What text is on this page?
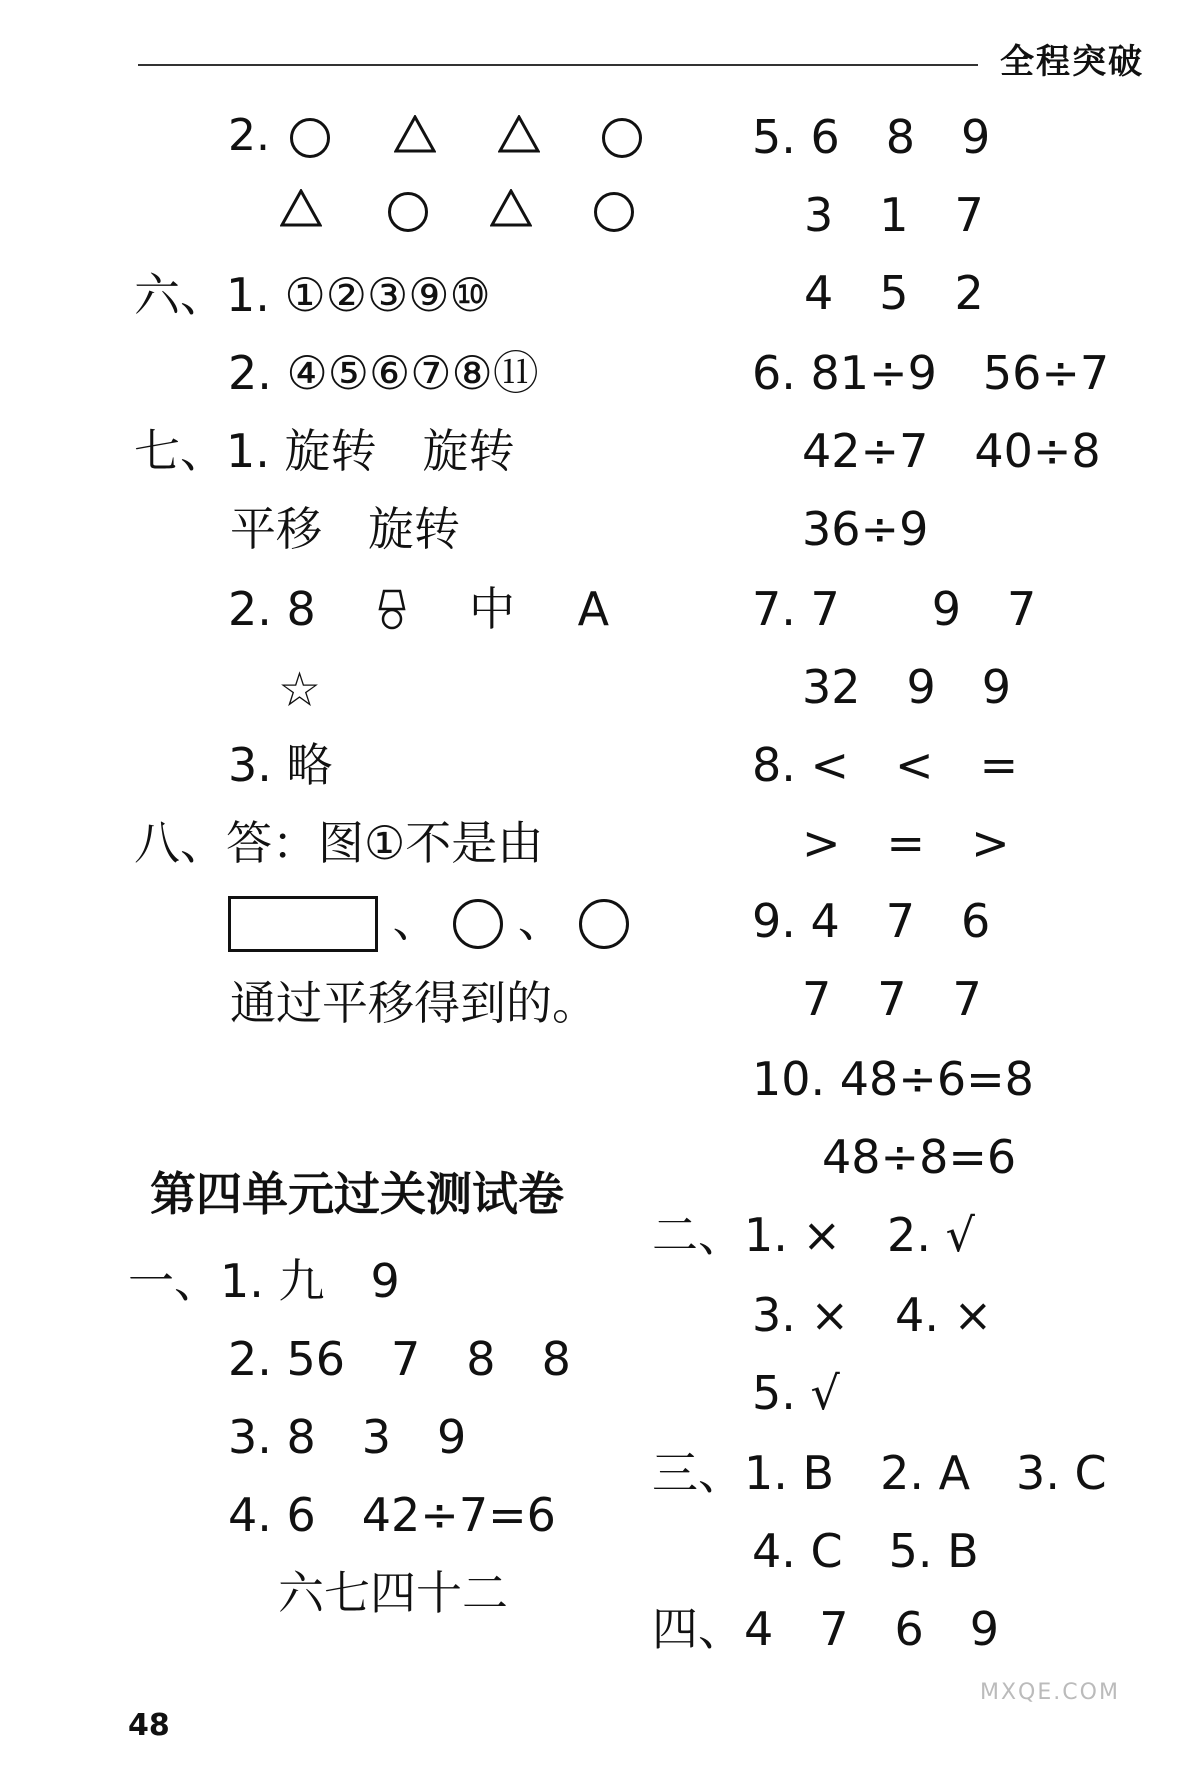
全程突破
2.

六、1. ①②③⑨⑩
2. ④⑤⑥⑦⑧⑪
七、1. 旋转　旋转
平移　旋转
2. 8	中 A
☆
3. 略
八、答：图①不是由
、 、
通过平移得到的。
第四单元过关测试卷
一、1. 九　9
2. 56　7　8　8
3. 8　3　9
4. 6　42÷7=6
六七四十二
5. 6　8　9
3　1　7
4　5　2
6. 81÷9　56÷7
42÷7　40÷8
36÷9
7. 7　　9　7
32　9　9
8. <　<　=
>　=　>
9. 4　7　6
7　7　7
10. 48÷6=8
48÷8=6
二、1. ×　2. √
3. ×　4. ×
5. √
三、1. B　2. A　3. C
4. C　5. B
四、4　7　6　9
48
MXQE.COM
